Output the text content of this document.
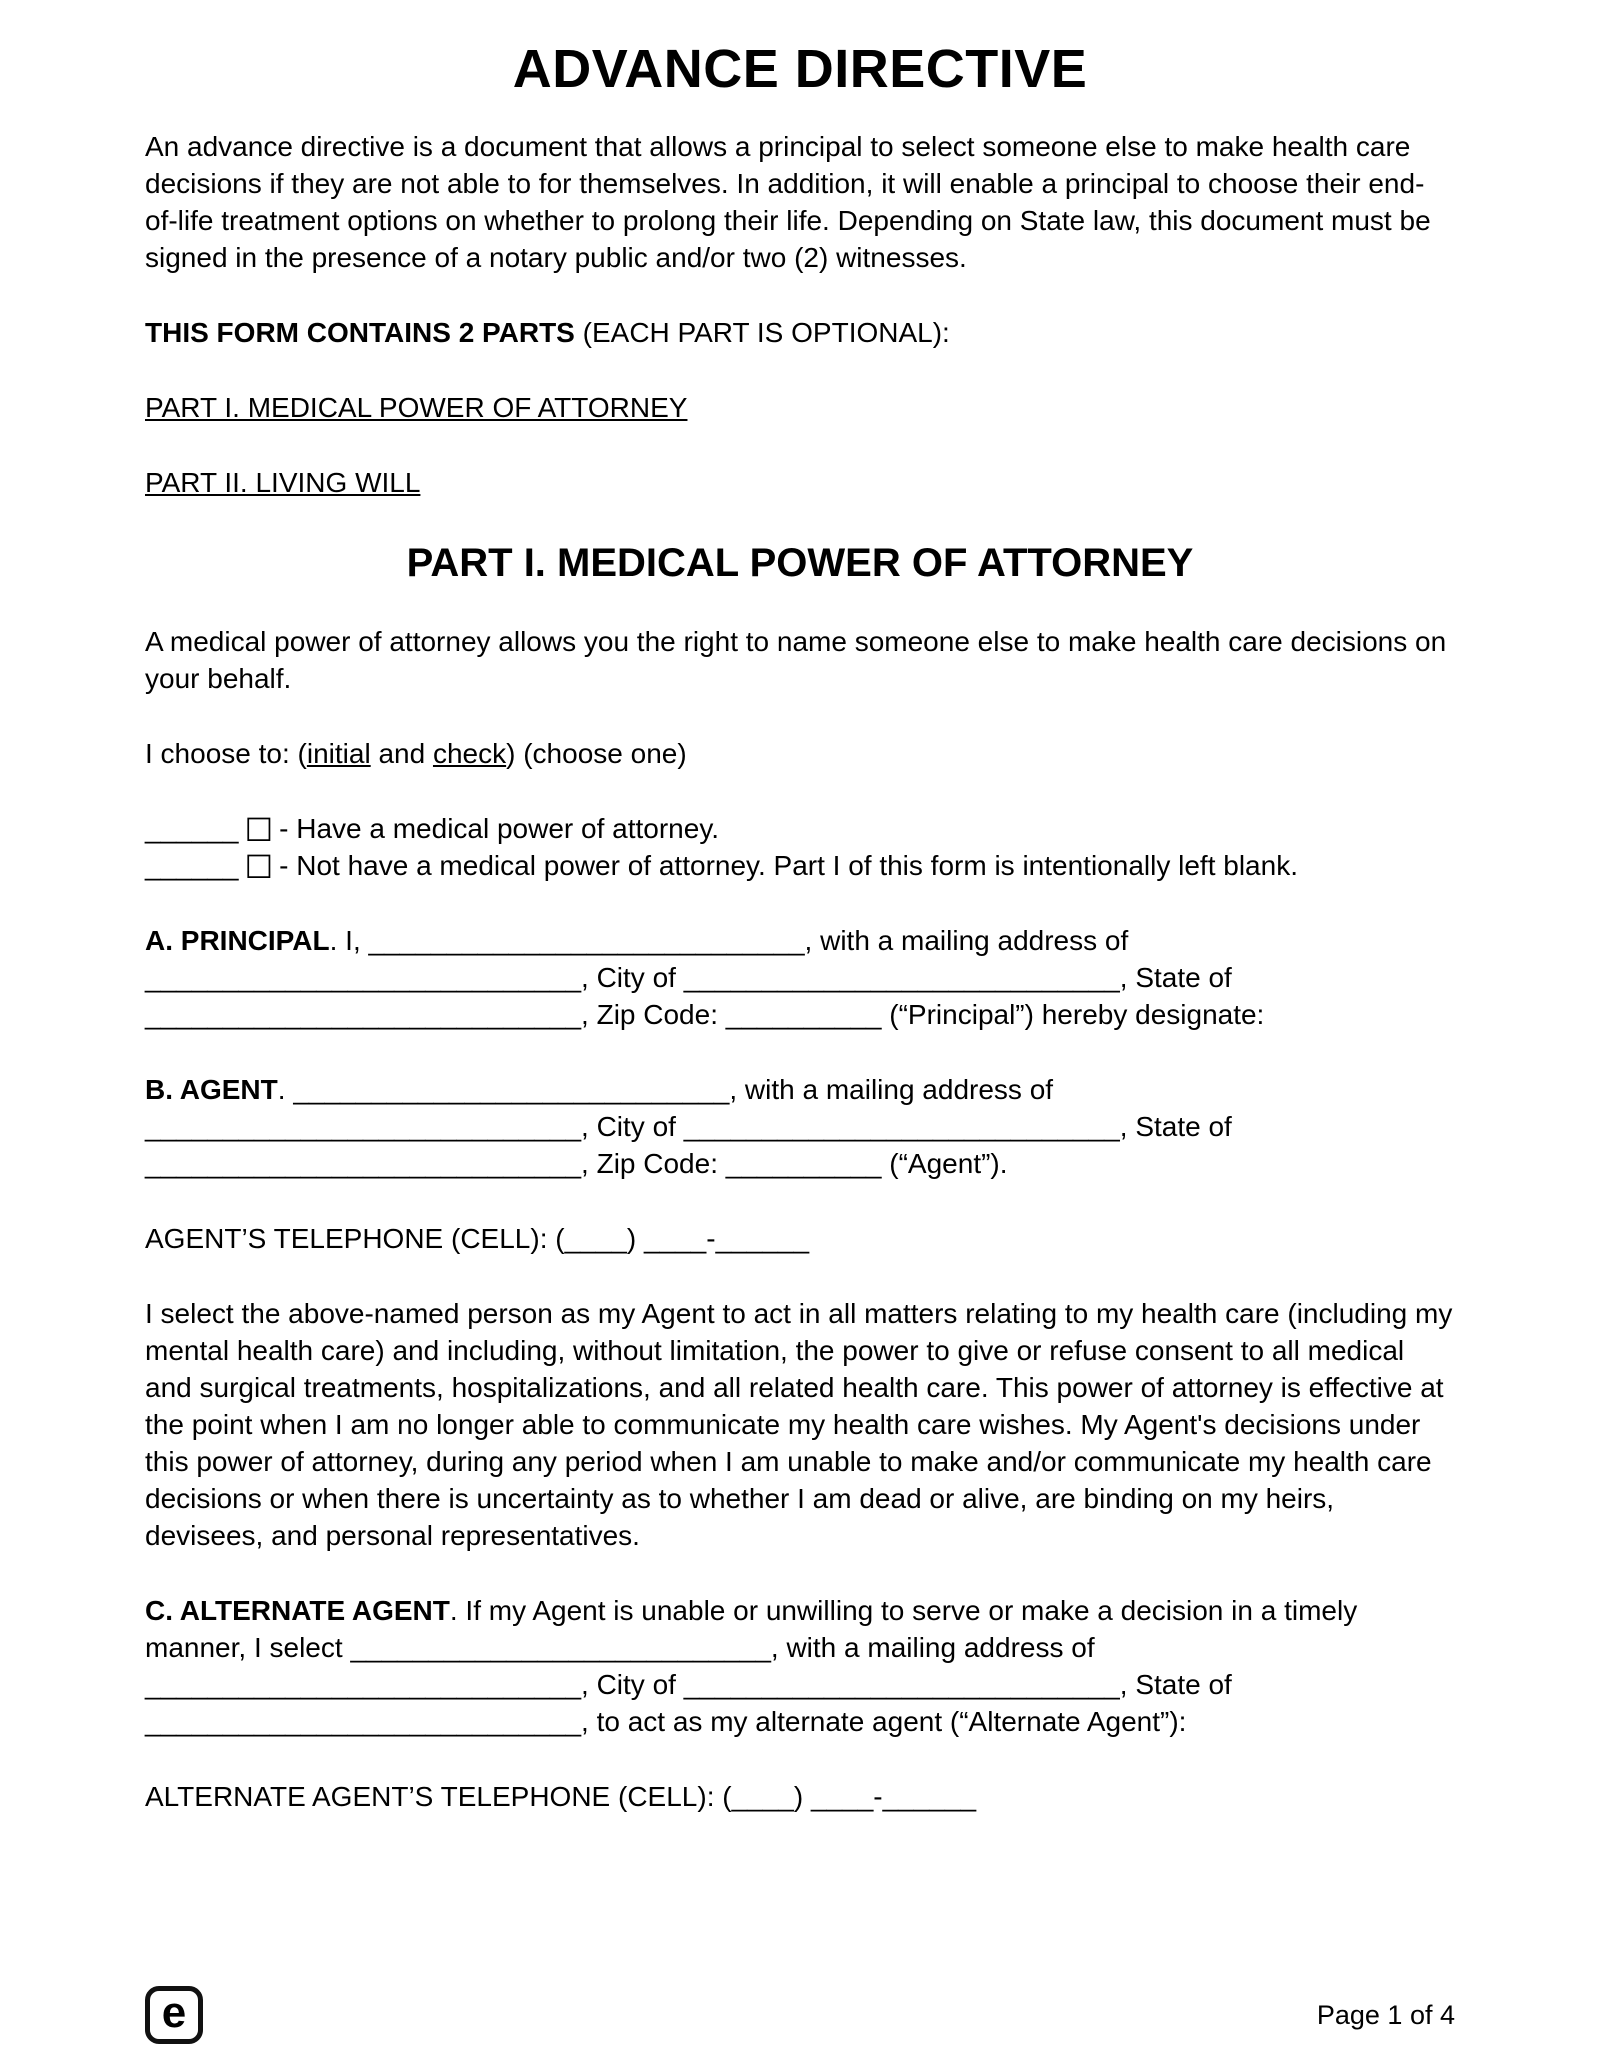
ADVANCE DIRECTIVE

An advance directive is a document that allows a principal to select someone else to make health care decisions if they are not able to for themselves. In addition, it will enable a principal to choose their end-of-life treatment options on whether to prolong their life. Depending on State law, this document must be signed in the presence of a notary public and/or two (2) witnesses.

THIS FORM CONTAINS 2 PARTS (EACH PART IS OPTIONAL):

PART I. MEDICAL POWER OF ATTORNEY

PART II. LIVING WILL

PART I. MEDICAL POWER OF ATTORNEY

A medical power of attorney allows you the right to name someone else to make health care decisions on your behalf.

I choose to: (initial and check) (choose one)

______ ☐ - Have a medical power of attorney.

______ ☐ - Not have a medical power of attorney. Part I of this form is intentionally left blank.

A. PRINCIPAL. I, ____________________________, with a mailing address of ____________________________, City of ____________________________, State of ____________________________, Zip Code: __________ (“Principal”) hereby designate:

B. AGENT. ____________________________, with a mailing address of ____________________________, City of ____________________________, State of ____________________________, Zip Code: __________ (“Agent”).

AGENT’S TELEPHONE (CELL): (____) ____-______

I select the above-named person as my Agent to act in all matters relating to my health care (including my mental health care) and including, without limitation, the power to give or refuse consent to all medical and surgical treatments, hospitalizations, and all related health care. This power of attorney is effective at the point when I am no longer able to communicate my health care wishes. My Agent's decisions under this power of attorney, during any period when I am unable to make and/or communicate my health care decisions or when there is uncertainty as to whether I am dead or alive, are binding on my heirs, devisees, and personal representatives.

C. ALTERNATE AGENT. If my Agent is unable or unwilling to serve or make a decision in a timely manner, I select ___________________________, with a mailing address of ____________________________, City of ____________________________, State of ____________________________, to act as my alternate agent (“Alternate Agent”):

ALTERNATE AGENT’S TELEPHONE (CELL): (____) ____-______

e	Page 1 of 4
